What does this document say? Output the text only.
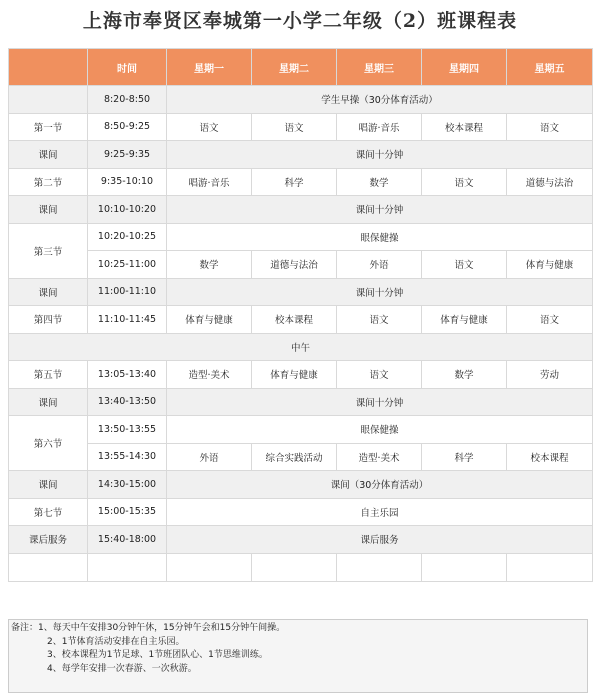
上海市奉贤区奉城第一小学二年级（2）班课程表
	时间	星期一	星期二	星期三	星期四	星期五
	8:20-8:50	学生早操（30分体育活动）				
第一节	8:50-9:25	语文	语文	唱游·音乐	校本课程	语文
课间	9:25-9:35	课间十分钟				
第二节	9:35-10:10	唱游·音乐	科学	数学	语文	道德与法治
课间	10:10-10:20	课间十分钟				
第三节	10:20-10:25	眼保健操				
	10:25-11:00	数学	道德与法治	外语	语文	体育与健康
课间	11:00-11:10	课间十分钟				
第四节	11:10-11:45	体育与健康	校本课程	语文	体育与健康	语文
中午						
第五节	13:05-13:40	造型·美术	体育与健康	语文	数学	劳动
课间	13:40-13:50	课间十分钟				
第六节	13:50-13:55	眼保健操				
	13:55-14:30	外语	综合实践活动	造型·美术	科学	校本课程
课间	14:30-15:00	课间（30分体育活动）				
第七节	15:00-15:35	自主乐园				
课后服务	15:40-18:00	课后服务				

备注：1、每天中午安排30分钟午休，15分钟午会和15分钟午间操。
2、1节体育活动安排在自主乐园。
3、校本课程为1节足球、1节班团队心、1节思维训练。
4、每学年安排一次春游、一次秋游。
